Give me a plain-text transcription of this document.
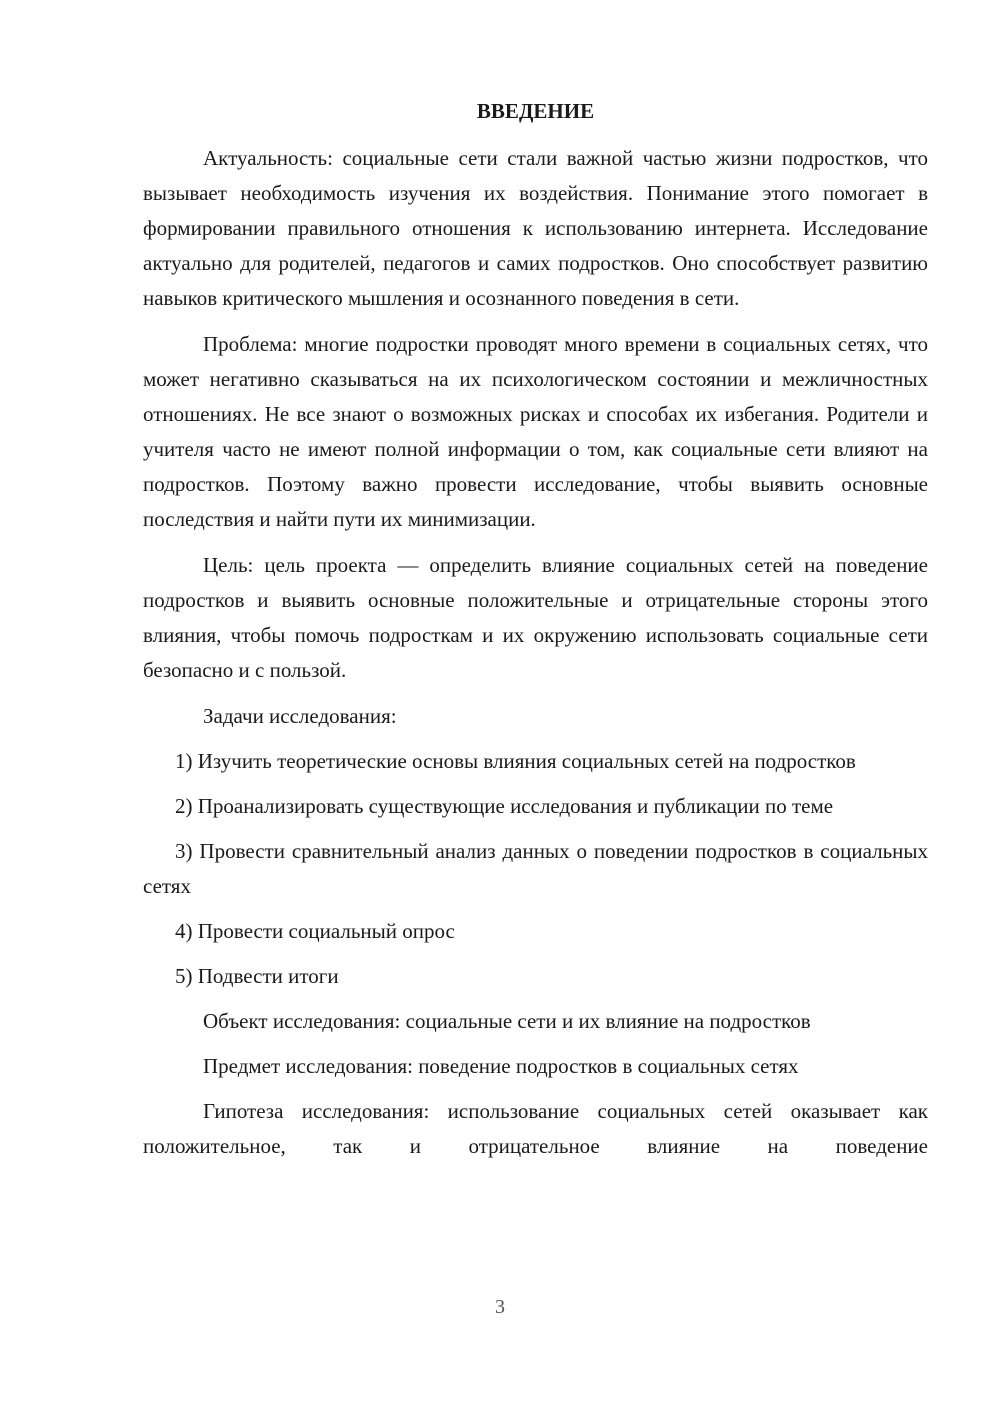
ВВЕДЕНИЕ

Актуальность: социальные сети стали важной частью жизни подростков, что вызывает необходимость изучения их воздействия. Понимание этого помогает в формировании правильного отношения к использованию интернета. Исследование актуально для родителей, педагогов и самих подростков. Оно способствует развитию навыков критического мышления и осознанного поведения в сети.

Проблема: многие подростки проводят много времени в социальных сетях, что может негативно сказываться на их психологическом состоянии и межличностных отношениях. Не все знают о возможных рисках и способах их избегания. Родители и учителя часто не имеют полной информации о том, как социальные сети влияют на подростков. Поэтому важно провести исследование, чтобы выявить основные последствия и найти пути их минимизации.

Цель: цель проекта — определить влияние социальных сетей на поведение подростков и выявить основные положительные и отрицательные стороны этого влияния, чтобы помочь подросткам и их окружению использовать социальные сети безопасно и с пользой.

Задачи исследования:

1) Изучить теоретические основы влияния социальных сетей на подростков

2) Проанализировать существующие исследования и публикации по теме

3) Провести сравнительный анализ данных о поведении подростков в социальных сетях

4) Провести социальный опрос

5) Подвести итоги

Объект исследования: социальные сети и их влияние на подростков

Предмет исследования: поведение подростков в социальных сетях

Гипотеза исследования: использование социальных сетей оказывает как положительное, так и отрицательное влияние на поведение

3
